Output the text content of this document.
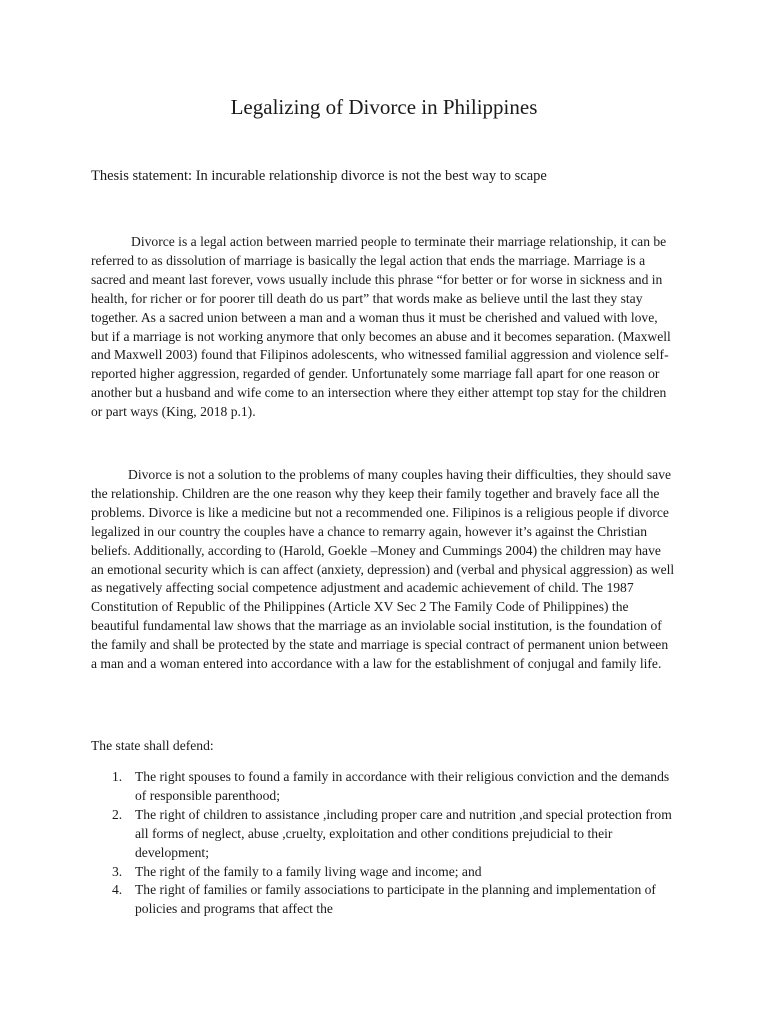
Legalizing of Divorce in Philippines

Thesis statement: In incurable relationship divorce is not the best way to scape

Divorce is a legal action between married people to terminate their marriage relationship, it can be referred to as dissolution of marriage is basically the legal action that ends the marriage. Marriage is a sacred and meant last forever, vows usually include this phrase “for better or for worse in sickness and in health, for richer or for poorer till death do us part” that words make as believe until the last they stay together. As a sacred union between a man and a woman thus it must be cherished and valued with love, but if a marriage is not working anymore that only becomes an abuse and it becomes separation. (Maxwell and Maxwell 2003) found that Filipinos adolescents, who witnessed familial aggression and violence self-reported higher aggression, regarded of gender. Unfortunately some marriage fall apart for one reason or another but a husband and wife come to an intersection where they either attempt top stay for the children or part ways (King, 2018 p.1).

Divorce is not a solution to the problems of many couples having their difficulties, they should save the relationship. Children are the one reason why they keep their family together and bravely face all the problems. Divorce is like a medicine but not a recommended one. Filipinos is a religious people if divorce legalized in our country the couples have a chance to remarry again, however it’s against the Christian beliefs. Additionally, according to (Harold, Goekle –Money and Cummings 2004) the children may have an emotional security which is can affect (anxiety, depression) and (verbal and physical aggression) as well as negatively affecting social competence adjustment and academic achievement of child. The 1987 Constitution of Republic of the Philippines (Article XV Sec 2 The Family Code of Philippines) the beautiful fundamental law shows that the marriage as an inviolable social institution, is the foundation of the family and shall be protected by the state and marriage is special contract of permanent union between a man and a woman entered into accordance with a law for the establishment of conjugal and family life.

The state shall defend:

1. The right spouses to found a family in accordance with their religious conviction and the demands of responsible parenthood;
2. The right of children to assistance ,including proper care and nutrition ,and special protection from all forms of neglect, abuse ,cruelty, exploitation and other conditions prejudicial to their development;
3. The right of the family to a family living wage and income; and
4. The right of families or family associations to participate in the planning and implementation of policies and programs that affect the
